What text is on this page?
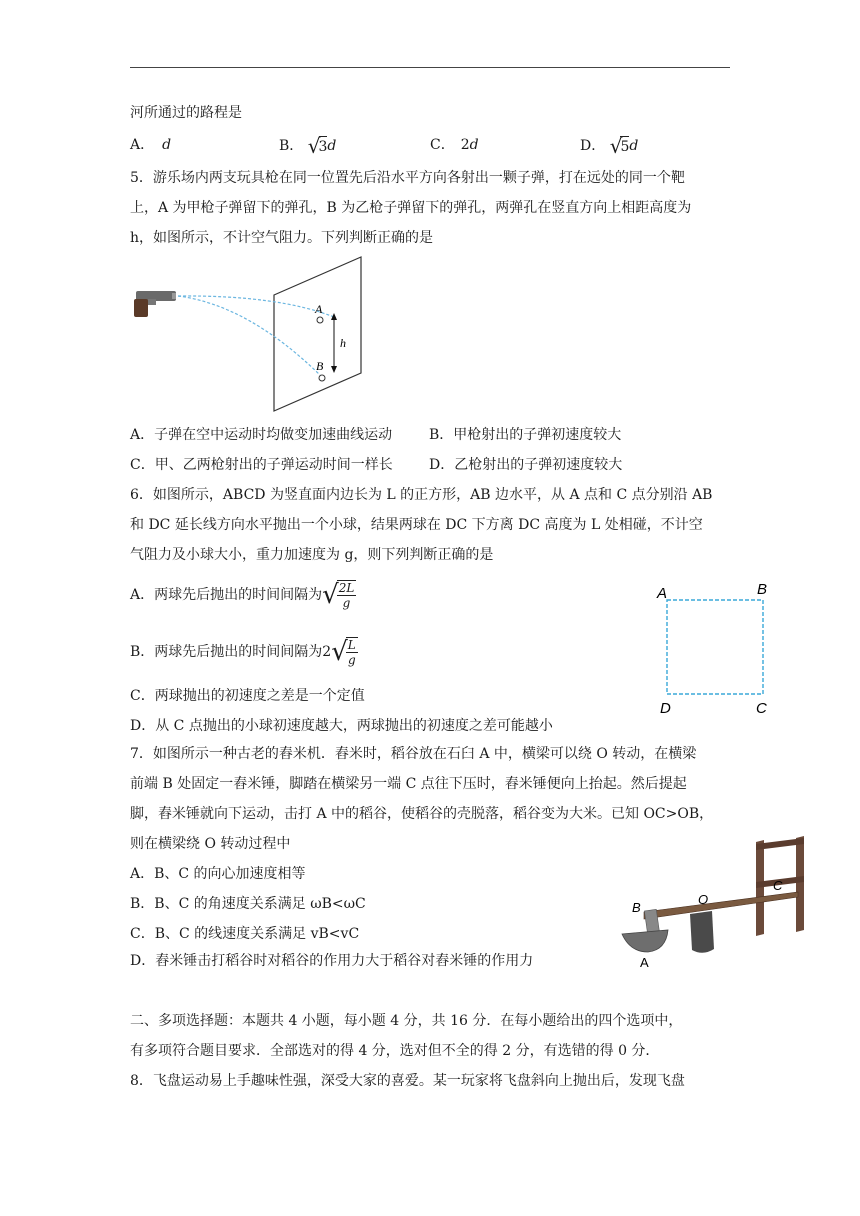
河所通过的路程是
A． d	B． √3d	C． 2d	D． √5d
5．游乐场内两支玩具枪在同一位置先后沿水平方向各射出一颗子弹，打在远处的同一个靶
上，A 为甲枪子弹留下的弹孔，B 为乙枪子弹留下的弹孔，两弹孔在竖直方向上相距高度为
h，如图所示，不计空气阻力。下列判断正确的是
A
B
h
A．子弹在空中运动时均做变加速曲线运动	B．甲枪射出的子弹初速度较大
C．甲、乙两枪射出的子弹运动时间一样长	D．乙枪射出的子弹初速度较大
6．如图所示，ABCD 为竖直面内边长为 L 的正方形，AB 边水平，从 A 点和 C 点分别沿 AB
和 DC 延长线方向水平抛出一个小球，结果两球在 DC 下方离 DC 高度为 L 处相碰，不计空
气阻力及小球大小，重力加速度为 g，则下列判断正确的是
A．两球先后抛出的时间间隔为√
$\frac{2L}{g}$
B．两球先后抛出的时间间隔为2√
$\frac{L}{g}$
C．两球抛出的初速度之差是一个定值
D．从 C 点抛出的小球初速度越大，两球抛出的初速度之差可能越小
A	B
D	C
7．如图所示一种古老的舂米机．舂米时，稻谷放在石臼 A 中，横梁可以绕 O 转动，在横梁
前端 B 处固定一舂米锤，脚踏在横梁另一端 C 点往下压时，舂米锤便向上抬起。然后提起
脚，舂米锤就向下运动，击打 A 中的稻谷，使稻谷的壳脱落，稻谷变为大米。已知 OC>OB，
则在横梁绕 O 转动过程中
A．B、C 的向心加速度相等
B．B、C 的角速度关系满足 ωB<ωC
C．B、C 的线速度关系满足 vB<vC
D．舂米锤击打稻谷时对稻谷的作用力大于稻谷对舂米锤的作用力
B
O
C
A
二、多项选择题：本题共 4 小题，每小题 4 分，共 16 分．在每小题给出的四个选项中，
有多项符合题目要求．全部选对的得 4 分，选对但不全的得 2 分，有选错的得 0 分．
8．飞盘运动易上手趣味性强，深受大家的喜爱。某一玩家将飞盘斜向上抛出后，发现飞盘
